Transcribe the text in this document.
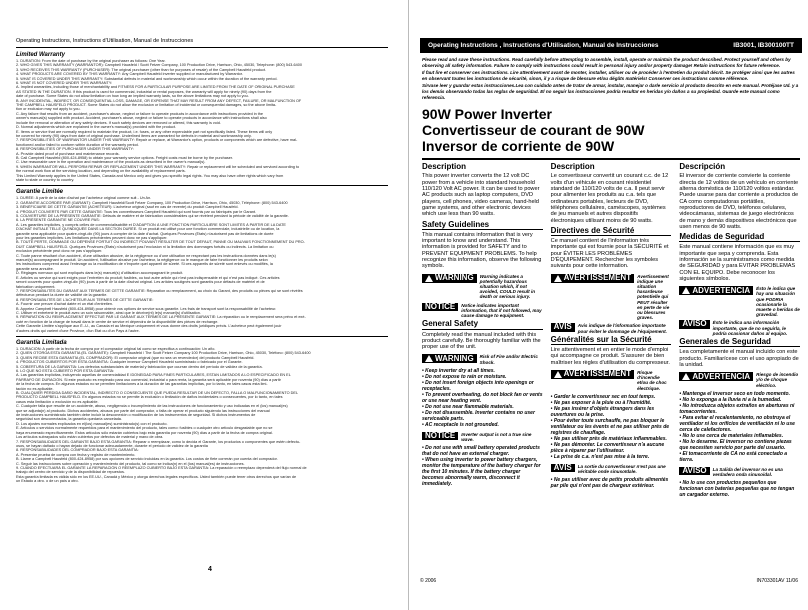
Operating Instructions, Instructions d'Utilisation, Manual de Instrucciones
Limited Warranty
1. DURATION: From the date of purchase by the original purchaser as follows: One Year.
2. WHO GIVES THIS WARRANTY (WARRANTOR): Campbell Hausfeld / Scott Fetzer Company, 100 Production Drive, Harrison, Ohio, 45030, Telephone: (800) 543-6400
3. WHO RECEIVES THIS WARRANTY (PURCHASER): The original purchaser (other than for purposes of resale) of the Campbell Hausfeld product.
4. WHAT PRODUCTS ARE COVERED BY THIS WARRANTY: Any Campbell Hausfeld inverter supplied or manufactured by Warrantor.
5. WHAT IS COVERED UNDER THIS WARRANTY: Substantial defects in material and workmanship which occur within the duration of the warranty period.
6. WHAT IS NOT COVERED UNDER THIS WARRANTY:
A. Implied warranties, including those of merchantability and FITNESS FOR A PARTICULAR PURPOSE ARE LIMITED FROM THE DATE OF ORIGINAL PURCHASE
AS STATED IN THE DURATION. If this product is used for commercial, industrial or rental purposes, the warranty will apply for ninety (90) days from the
date of purchase. Some States do not allow limitation on how long an implied warranty lasts, so the above limitations may not apply to you.
B. ANY INCIDENTAL, INDIRECT, OR CONSEQUENTIAL LOSS, DAMAGE, OR EXPENSE THAT MAY RESULT FROM ANY DEFECT, FAILURE, OR MALFUNCTION OF
THE CAMPBELL HAUSFELD PRODUCT. Some States do not allow the exclusion or limitation of incidental or consequential damages, so the above limita-
tion or exclusion may not apply to you.
C. Any failure that results from an accident, purchaser's abuse, neglect or failure to operate products in accordance with instructions provided in the
owner's manual(s) supplied with product. Accident, purchaser's abuse, neglect or failure to operate products in accordance with instructions shall also
include the removal or alteration of any safety devices. If such safety devices are removed or altered, this warranty is void.
D. Normal adjustments which are explained in the owner's manual(s) provided with the product.
E. Items or service that are normally required to maintain the product, i.e. fuses, or any other expendable part not specifically listed. These items will only
be covered for ninety (90) days from date of original purchase. Underlined items are warranted for defects in material and workmanship only.
7. RESPONSIBILITIES OF WARRANTOR UNDER THIS WARRANTY: Repair or replace, at Warrantor's option, products or components which are defective, have mal-
functioned and/or failed to conform within duration of the warranty period.
8. RESPONSIBILITIES OF PURCHASER UNDER THIS WARRANTY:
A. Provide dated proof of purchase and maintenance records.
B. Call Campbell Hausfeld (800-424-8958) to obtain your warranty service options. Freight costs must be borne by the purchaser.
C. Use reasonable care in the operation and maintenance of the products as described in the owner's manual(s).
9. WHEN WARRANTOR WILL PERFORM REPAIR OR REPLACEMENT UNDER THIS WARRANTY: Repair or replacement will be scheduled and serviced according to
the normal work flow at the servicing location, and depending on the availability of replacement parts.
This Limited Warranty applies in the United States, Canada and Mexico only and gives you specific legal rights. You may also have other rights which vary from
state to state or country to country.
Garantie Limitée
1. DURÉE: À partir de la date d'achat par l'acheteur original comme suit - Un An.
2. GARANTIE ACCORDÉE PAR (GARANT): Campbell Hausfeld/Scott Fetzer Company, 100 Production Drive, Harrison, Ohio, 45030, Téléphone: (800) 543-6400
3. BÉNÉFICIAIRE DE CETTE GARANTIE (ACHETEUR): L'acheteur original (sauf en cas de revente) du produit Campbell Hausfeld.
4. PRODUIT COUVERTS PAR CETTE GARANTIE: Tous les convertisseurs Campbell Hausfeld qui sont fournis par ou fabriqués par le Garant.
5. COUVERTURE DE LA PRÉSENTE GARANTIE: Défauts de matière et de fabrication considérables qui se révèlent pendant la période de validité de la garantie.
6. LA PRÉSENTE GARANTIE NE COUVRE PAS:
A. Les garanties implicites, y compris celles de commercialisabilité et D'ADAPTION À UNE FONCTION PARTICULIÈRE SONT LIMITÉS À PARTIR DE LA DATE
D'ACHAT INITIALE TELLE QU'INDIQUÉE DANS LA SECTION DURÉE. Si ce produit est utilisé pour une fonction commerciale, industrielle ou de location, la
garantie sera applicable pour quatre-vingt-dix (90) jours à compter de la date d'achat. Quelques Provinces (États) n'autorisent pas de limitations de durée
pour les garanties implicites. Les limitations précédentes peuvent donc ne pas s'appliquer.
B. TOUTE PERTE, DOMMAGE OU DÉPENSE FORTUIT OU INDIRECT POUVANT RÉSULTER DE TOUT DÉFAUT, PANNE OU MAUVAIS FONCTIONNEMENT DU PRO-
DUIT CAMPBELL HAUSFELD. Quelques Provinces (États) n'autorisent pas l'exclusion ni la limitation des dommages fortuits ou indirects. La limitation ou
exclusion précédente peut donc ne pas s'appliquer.
C. Toute panne résultant d'un accident, d'une utilisation abusive, de la négligence ou d'une utilisation ne respectant pas les instructions données dans le(s)
manuel(s) accompagnant le produit. Un accident, l'utilisation abusive par l'acheteur, la négligence ou le manque de faire fonctionner les produits selon
les instructions comprend aussi l'enlevage ou la modification de n'importe quel appareil de sûreté. Si ces appareils de sûreté sont enlevés ou modifiés, la
garantie sera annulée.
D. Réglages normaux qui sont expliqués dans le(s) manuel(s) d'utilisation accompagnant le produit.
E. Articles ou service qui sont exigés pour l'entretien du produit; fusibles, ou tout autre article qui n'est pas indispensable et qui n'est pas indiqué. Ces articles
seront couverts pour quatre-vingt-dix (90) jours à partir de la date d'achat original. Les articles soulignés sont garantis pour défauts de matériel et de
fabrication uniquement.
7. RESPONSABILITÉS DU GARANT AUX TERMES DE CETTE GARANTIE: Réparation ou remplacement, au choix du Garant, des produits ou pièces qui se sont révélés
défectueux pendant la durée de validité de la garantie.
8. RESPONSABILITÉS DE L'ACHETEUR AUX TERMES DE CETTE GARANTIE:
A. Fournir une preuve d'achat datée et un état d'entretien.
B. Appelez Campbell Hausfeld (800-424-8958) pour obtenir vos options de service sous garantie. Les frais de transport sont la responsabilité de l'acheteur.
C. Utiliser et entretenir le produit avec un soin raisonnable, ainsi que le décrive(nt) le(s) manuel(s) d'utilisation.
9. RÉPARATION OU REMPLACEMENT EFFECTUÉ PAR LE GARANT AUX TERMES DE LA PRÉSENTE GARANTIE: La réparation ou le remplacement sera prévu et exé-
cuté en fonction de la charge de travail dans le centre de service et dépendra de la disponibilité des pièces de rechange.
Cette Garantie Limitée s'applique aux É.-U., au Canada et au Mexique uniquement et vous donne des droits juridiques précis. L'acheteur peut également jouir
d'autres droits qui varient d'une Province, d'un État ou d'un Pays à l'autre.
Garantía Limitada
1. DURACIÓN: A partir de la fecha de compra por el comprador original tal como se especifica a continuación: Un año.
2. QUIEN OTORGA ESTA GARANTÍA (EL GARANTE): Campbell Hausfeld / The Scott Fetzer Company 100 Production Drive, Harrison, Ohio, 45030, Teléfono: (800) 543-6400
3. QUIEN RECIBE ESTA GARANTÍA (EL COMPRADOR): El comprador original (que no sea un revendedor) del producto Campbell Hausfeld.
4. PRODUCTOS CUBIERTOS POR ESTA GARANTÍA: Cualquier inversor Campbell Hausfeld suministrado o fabricado por el Garante.
5. COBERTURA DE LA GARANTÍA: Los defectos substanciales de material y fabricación que ocurran dentro del período de validez de la garantía.
6. LO QUE NO ESTÁ CUBIERTO POR ESTA GARANTÍA:
A. Las garantías implícitas, incluyendo aquellas de comercialidad E IDONEIDAD PARA FINES PARTICULARES, ESTAN LIMITADOS A LO ESPECIFICADO EN EL
PÁRRAFO DE DURACIÓN. Si este producto es empleado para uso comercial, industrial o para renta, la garantía será aplicable por noventa (90) días a partir
de la fecha de compra. En algunos estados no se permiten limitaciones a la duración de las garantías implícitas, por lo tanto, en tales casos esta limi-
tación no es aplicable.
B. CUALQUIER PÉRDIDA DAÑO INCIDENTAL, INDIRECTO O CONSECUENTE QUE PUEDA RESULTAR DE UN DEFECTO, FALLA O MALFUNCIONAMIENTO DEL
PRODUCTO CAMPBELL HAUSFELD. En algunos estados no se permite la exclusión o limitación de daños incidentales o consecuentes, por lo tanto, en tales
casos esta limitación o exclusión no es aplicable.
C. Cualquier falla que resulte de un accidente, abuso, negligencia o incumplimiento de las instrucciones de funcionamiento y uso indicadas en el (los) manual(es)
que se adjunta(n) al producto. Dichos accidentes, abusos por parte del comprador, o falta de operar el producto siguiendo las instrucciones del manual
de instrucciones suministrado también debe incluir la desconexión o modificación de los instrumentos de seguridad. Si dichos instrumentos de
seguridad son desconectados, la garantía quedaría cancelada.
D. Los ajustes normales explicados en el(los) manual(es) suministrado(s) con el producto.
E. Artículos o servicios normalmente requeridos para el mantenimiento del producto, tales como: fusibles o cualquier otro artículo desgastable que no se
haya enumerado específicamente. Estos artículos sólo estarán cubiertos bajo esta garantía por noventa (90) días a partir de la fecha de compra original.
Los artículos subrayados sólo están cubiertos por defectos de material y mano de obra.
7. RESPONSABILIDADES DEL GARANTE BAJO ESTA GARANTÍA: Reparar o reemplazar, como lo decida el Garante, los productos o componentes que estén defectu-
osos, se hayan dañado o hayan dejado de funcionar adecuadamente, durante el período de validez de la garantía
8. RESPONSABILIDADES DEL COMPRADOR BAJO ESTA GARANTÍA:
A. Presentar prueba de compra con fecha y registro de mantenimiento.
B. Llame a Campbell Hausfeld (800-424-8958) por sus opciones de servicio incluidas en la garantía. Los costos de flete correrán por cuenta del comprador.
C. Seguir las instrucciones sobre operación y mantenimiento del producto, tal como se indica(n) en el (los) manual(es) de instrucciones.
9. CUANDO EFECTUARÁ EL GARANTE LA REPARACIÓN O REEMPLAZO CUBIERTO BAJO ESTA GARANTÍA: La reparación o reemplazo dependerá del flujo normal de
trabajo del centro de servicio y de la disponibilidad de repuestos.
Esta garantía limitada es válida sólo en los EE.UU., Canadá y México y otorga derechos legales específicos. Usted también puede tener otros derechos que varían de
un Estado a otro. o de un país a otro.
4
Operating Instructions , Instructions d'Utilisation, Manual de Instrucciones	IB3001, IB300100TT

Please read and save these instructions. Read carefully before attempting to assemble, install, operate or maintain the product described. Protect yourself and others by observing all safety information. Failure to comply with instructions could result in personal injury and/or property damage! Retain instructions for future reference.

Il faut lire et conserver ces instructions. Lire attentivement avant de monter, installer, utiliser ou de procéder à l'entretien du produit décrit. Se protéger ainsi que les autres en observant toutes les instructions de sécurité, sinon, il y a risque de blessure et/ou dégâts matériels! Conserver ces instructions comme référence.

Sírvase leer y guardar estas instrucciones.Lea con cuidado antes de tratar de armar, instalar, manejar o darle servicio al producto descrito en este manual. Protéjase Ud. y a los demás observando todas las reglas de seguridad. El no seguir las instrucciones podría resultar en heridas y/o daños a su propiedad. Guarde este manual como referencia.

90W Power Inverter
Convertisseur de courant de 90W
Inversor de corriente de 90W
Description

This power inverter converts the 12 volt DC power from a vehicle into standard household 110/120 Volt AC power. It can be used to power AC products such as laptop computers, DVD players, cell phones, video cameras, hand-held game systems, and other electronic devices which use less than 90 watts.

Safety Guidelines

This manual contains information that is very important to know and understand. This information is provided for SAFETY and to PREVENT EQUIPMENT PROBLEMS. To help recognize this information, observe the following symbols.

WARNING Warning indicates a potentially hazardous situation which, if not avoided, COULD result in death or serious injury.
NOTICE	Notice indicates important information, that if not followed, may cause damage to equipment.
General Safety

Completely read the manual included with this product carefully. Be thoroughly familiar with the proper use of the unit.

WARNING Risk of Fire and/or Electric Shock.
• Keep inverter dry at all times.
• Do not expose to rain or moisture.
• Do not insert foreign objects into openings or receptacles.
• To prevent overheating, do not block fan or vents or use near heating vent.
• Do not use near flammable materials.
• Do not disassemble. Inverter contains no user serviceable parts.
• AC receptacle is not grounded.
NOTICE	Inverter output is not a true sine wave.
• Do not use with small battery operated products that do not have an external charger.
• When using inverter to power battery chargers, monitor the temperature of the battery charger for the first 10 minutes. If the battery charger becomes abnormally warm, disconnect it immediately.
Description

Le convertisseur convertit un courant c.c. de 12 volts d'un véhicule en courant résidentiel standard de 110/120 volts de c.a. Il peut servir pour alimenter les produits au c.a. tels que ordinateurs portables, lecteurs de DVD, téléphones cellulaires, caméscopes, systèmes de jeu manuels et autres dispositifs électroniques utilisant moins de 90 watts.

Directives de Sécurité

Ce manuel contient de l'information très importante qui est fournie pour la SÉCURITÉ et pour ÉVITER LES PROBLÈMES D'ÉQUIPEMENT. Rechercher les symboles suivants pour cette information.

AVERTISSEMENT Avertissement indique une situation hasardeuse potentielle qui PEUT résulter en perte de vie ou blessures graves.
AVIS	Avis indique de l'information importante pour éviter le dommage de l'équipement.
Généralités sur la Sécurité

Lire attentivement et en entier le mode d'emploi qui accompagne ce produit. S'assurer de bien maîtriser les règles d'utilisation du compresseur.

AVERTISSEMENT Risque d'incendie et/ou de choc électrique.
• Garder le convertisseur sec en tout temps.
• Ne pas exposer à la pluie ou à l'humidité.
• Ne pas insérer d'objets étrangers dans les ouvertures ou la prise.
• Pour éviter toute surchauffe, ne pas bloquer le ventilateur ou les évents et ne pas utiliser près de registres de chauffage.
• Ne pas utiliser près de matériaux inflammables.
• Ne pas démonter. Le convertisseur n'a aucune pièce à réparer par l'utilisateur.
• La prise de c.a. n'est pas mise à la terre.
AVIS	La sortie du convertisseur n'est pas une véritable onde sinusoïdale.
• Ne pas utiliser avec de petits produits alimentés par pile qui n'ont pas de chargeur extérieur.
Descripción

El inversor de corriente convierte la corriente directa de 12 voltios de un vehículo en corriente alterna doméstica de 110/120 voltios estándar. Puede usarse para dar corriente a productos de CA como computadoras portátiles, reproductores de DVD, teléfonos celulares, videocámaras, sistemas de juego electrónicos de mano y demás dispositivos electrónicos que usen menos de 90 watts.

Medidas de Seguridad

Este manual contiene información que es muy importante que sepa y comprenda. Esta información se la suministramos como medida de SEGURIDAD y para EVITAR PROBLEMAS CON EL EQUIPO. Debe reconocer los siguientes símbolos.

ADVERTENCIA Ésto le indica que hay una situación que PODRIA ocasionarle la muerte o heridas de gravedad.
AVISO	Ésto le indica una información importante, que de no seguirla, le podría ocasionar daños al equipo.
Generales de Seguridad

Lea completamente el manual incluido con este producto. Familiarícese con el uso apropiado de la unidad.

ADVERTENCIA Riesgo de incendio y/o de choque eléctrico.
• Mantenga el inversor seco en todo momento.
• No lo exponga a la lluvia ni a la humedad.
• No introduzca objetos extraños en aberturas ni tomacorrientes.
• Para evitar el recalentamiento, no obstruya el ventilador ni los orificios de ventilación ni lo use cerca de calefactores.
• No lo use cerca de materiales inflamables.
• No lo desarme. El inversor no contiene piezas que necesiten servicio por parte del usuario.
• El tomacorriente de CA no está conectado a tierra.
AVISO	La Salida del inversor no es una verdadera onda sinusoidal.
• No lo use con productos pequeños que funcionan con baterías pequeñas que no tengan un cargador externo.
© 2006	IN703301AV 11/06
